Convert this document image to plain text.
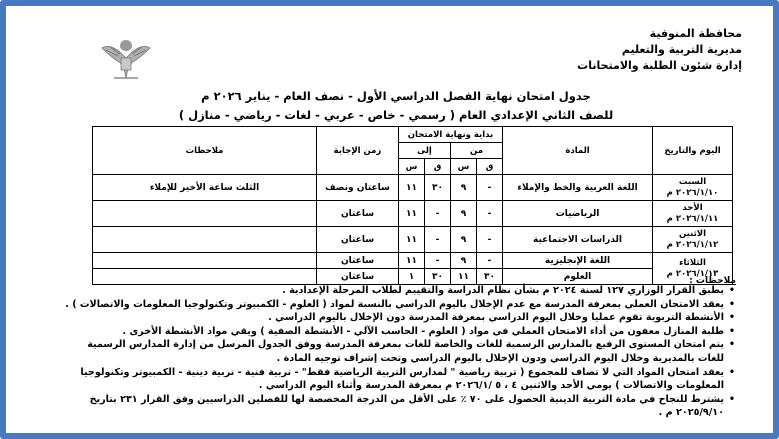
محافظة المنوفية
مديرية التربية والتعليم
إدارة شئون الطلبة والامتحانات
جدول امتحان نهاية الفصل الدراسي الأول - نصف العام - يناير ٢٠٢٦ م
للصف الثاني الإعدادي العام ( رسمي - خاص - عربي - لغات - رياضي - منازل )
اليوم والتاريخ	المادة	بداية ونهاية الامتحان				زمن الإجابة	ملاحظات
		من		إلى			
		ق	س	ق	س		

السبت
٢٠٢٦/١/١٠ م	اللغة العربية والخط والإملاء	-	٩	٣٠	١١	ساعتان ونصف	الثلث ساعة الأخير للإملاء

الأحد
٢٠٢٦/١/١١ م	الرياضيات	-	٩	-	١١	ساعتان	

الاثنين
٢٠٢٦/١/١٢ م	الدراسات الاجتماعية	-	٩	-	١١	ساعتان	

الثلاثاء
٢٠٢٦/١/١٣ م	اللغة الإنجليزية	-	٩	-	١١	ساعتان	
	العلوم	٣٠	١١	٣٠	١	ساعتان		ملاحظات :
• يطبق القرار الوزاري ١٢٧ لسنة ٢٠٢٤ م بشأن نظام الدراسة والتقييم لطلاب المرحلة الإعدادية .
• يعقد الامتحان العملي بمعرفة المدرسة مع عدم الإخلال باليوم الدراسي بالنسبة لمواد ( العلوم - الكمبيوتر وتكنولوجيا المعلومات والاتصالات ) .
• الأنشطة التربوية تقوم عمليا وخلال اليوم الدراسي بمعرفة المدرسة دون الإخلال باليوم الدراسي .
• طلبة المنازل معفون من أداء الامتحان العملي في مواد ( العلوم - الحاسب الآلي - الأنشطة الصفية ) ويقي مواد الأنشطة الأخرى .
• يتم امتحان المستوى الرفيع بالمدارس الرسمية للغات والخاصة للغات بمعرفة المدرسة ووفق الجدول المرسل من إدارة المدارس الرسمية للغات بالمديرية وخلال اليوم الدراسي ودون الإخلال باليوم الدراسي وتحت إشراف توجيه المادة .
• يعقد امتحان المواد التي لا تضاف للمجموع ( تربية رياضية " لمدارس التربية الرياضية فقط" - تربية فنية - تربية دينية - الكمبيوتر وتكنولوجيا المعلومات والاتصالات ) يومي الأحد والاثنين ٤ ، ٥ /٢٠٢٦/١ م بمعرفة المدرسة وأثناء اليوم الدراسي .
• يشترط للنجاح في مادة التربية الدينية الحصول على ٧٠ ٪ على الأقل من الدرجة المخصصة لها للفصلين الدراسيين وفق القرار ٢٣١ بتاريخ ٢٠٢٥/٩/١٠ م .
